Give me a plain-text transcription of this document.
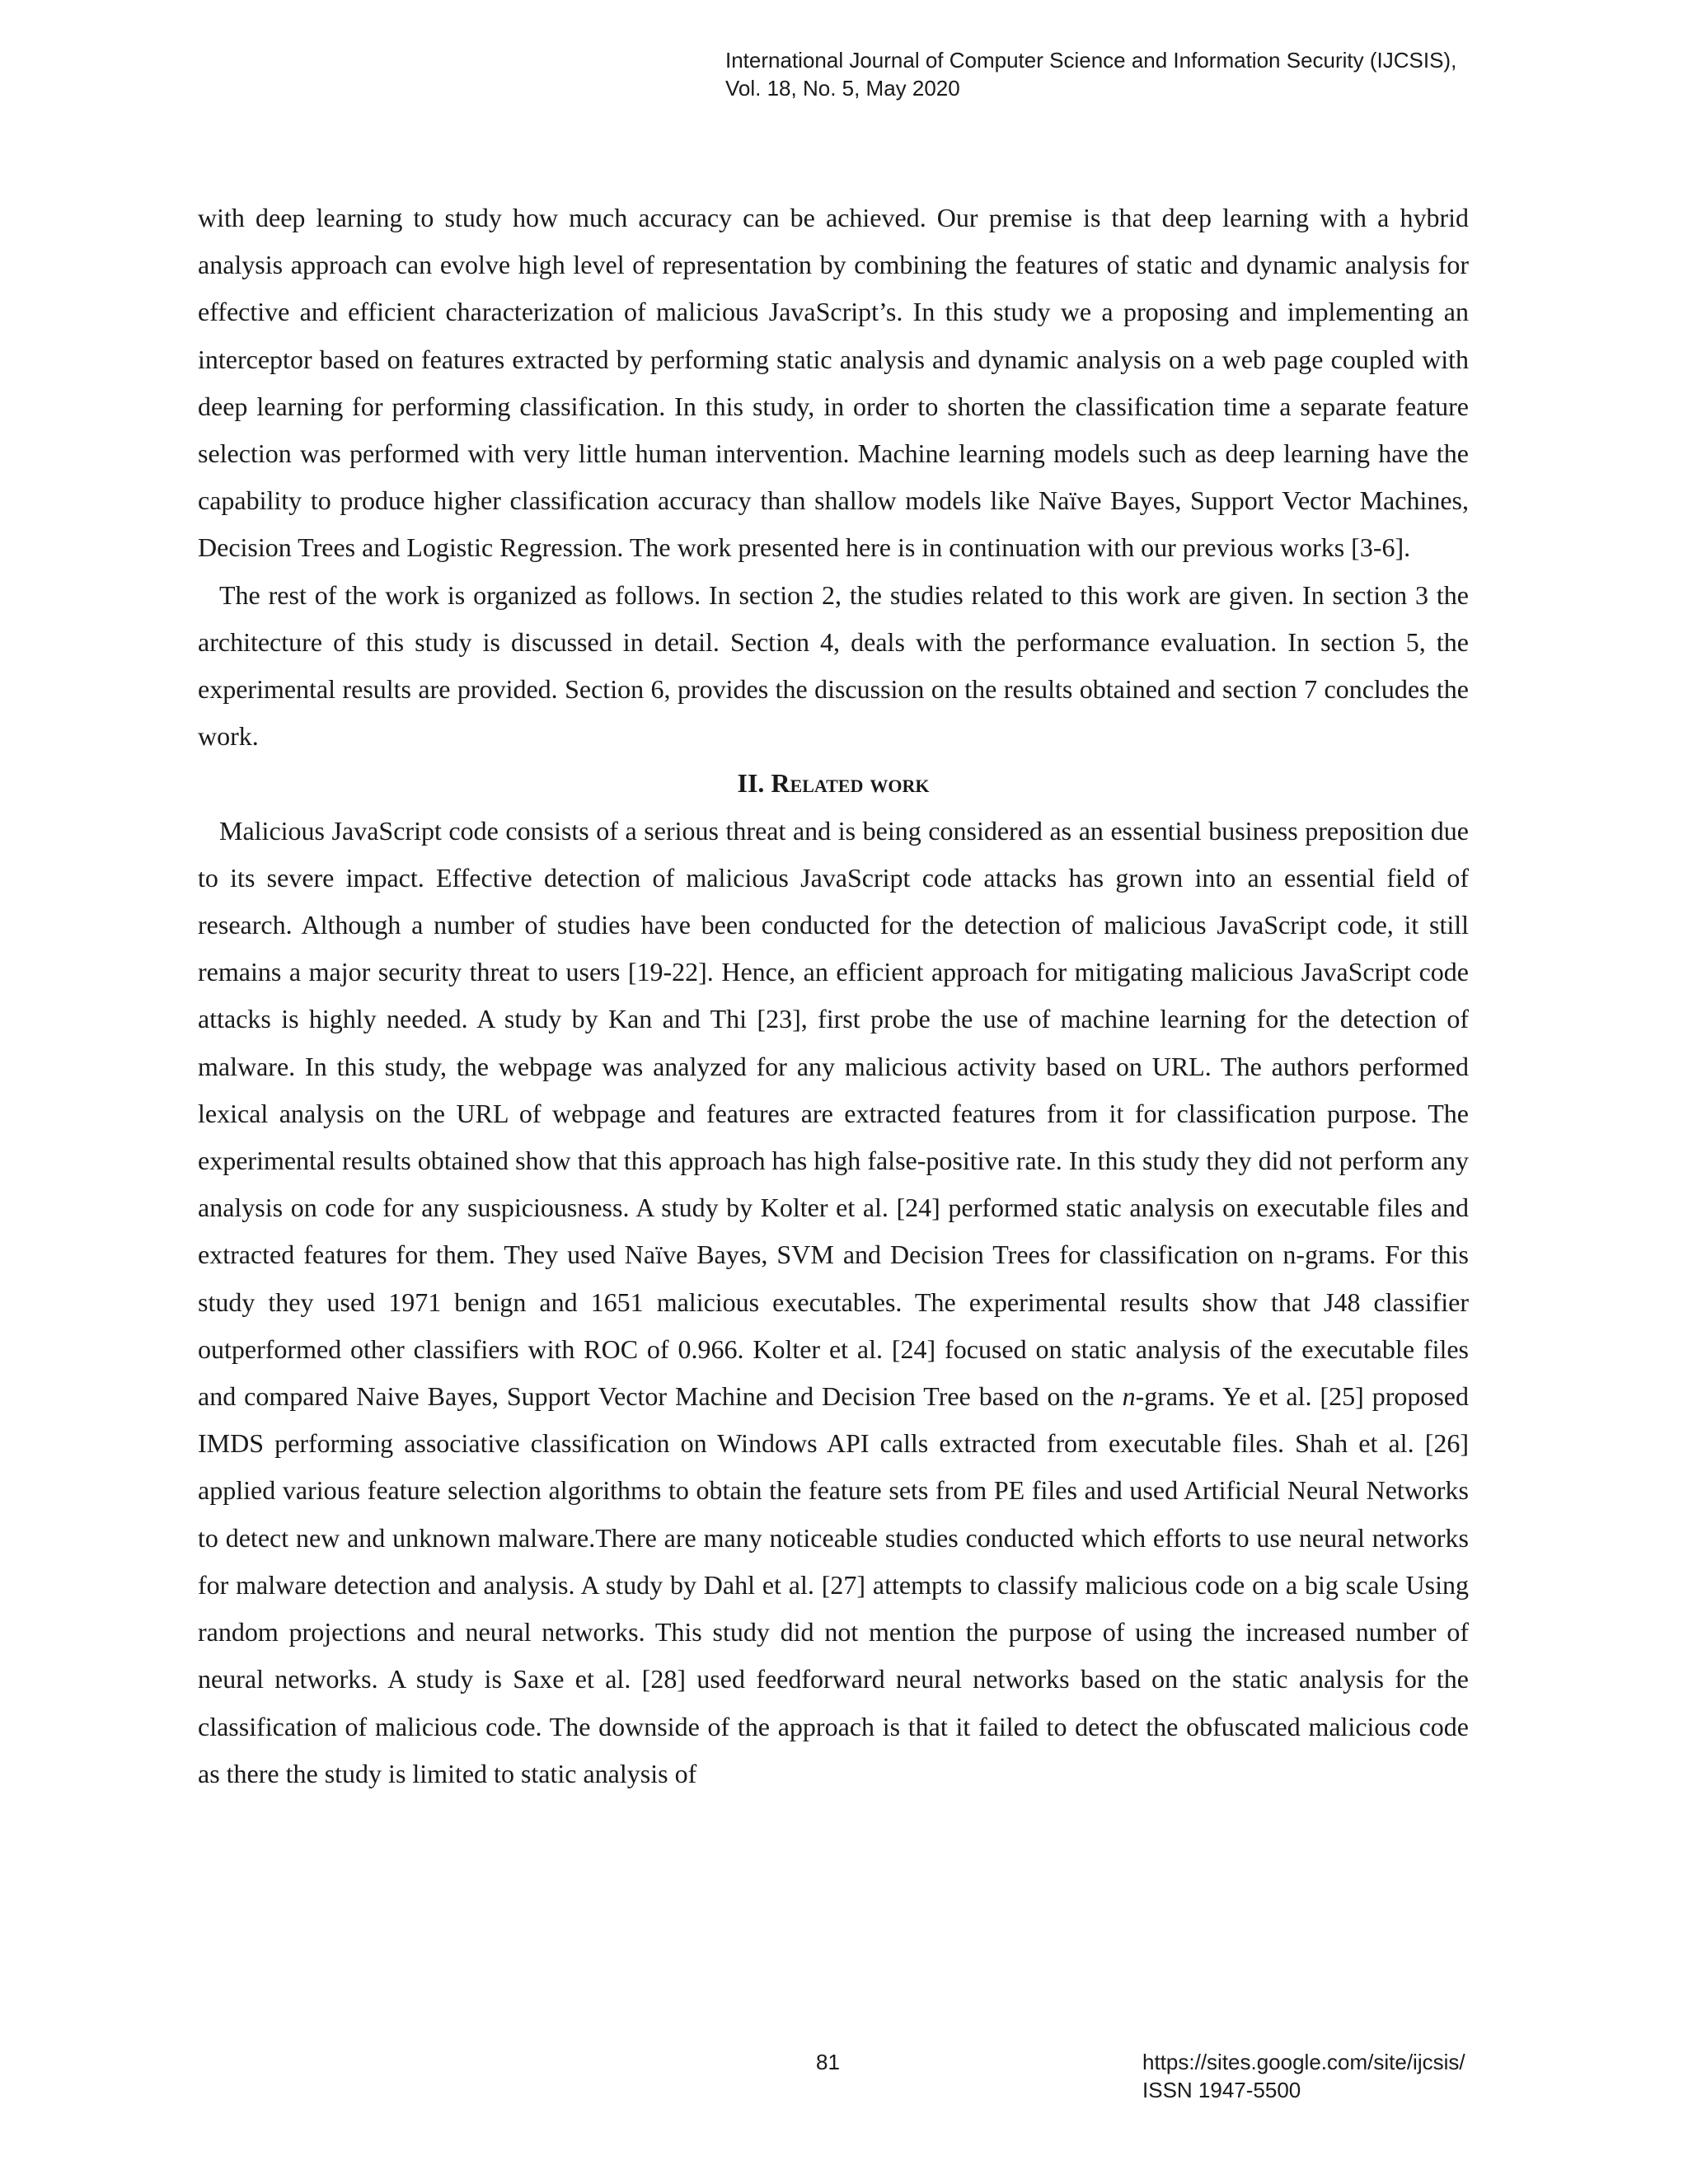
International Journal of Computer Science and Information Security (IJCSIS),
Vol. 18, No. 5, May 2020

with deep learning to study how much accuracy can be achieved. Our premise is that deep learning with a hybrid analysis approach can evolve high level of representation by combining the features of static and dynamic analysis for effective and efficient characterization of malicious JavaScript’s. In this study we a proposing and implementing an interceptor based on features extracted by performing static analysis and dynamic analysis on a web page coupled with deep learning for performing classification. In this study, in order to shorten the classification time a separate feature selection was performed with very little human intervention. Machine learning models such as deep learning have the capability to produce higher classification accuracy than shallow models like Naïve Bayes, Support Vector Machines, Decision Trees and Logistic Regression. The work presented here is in continuation with our previous works [3-6].

The rest of the work is organized as follows. In section 2, the studies related to this work are given. In section 3 the architecture of this study is discussed in detail. Section 4, deals with the performance evaluation. In section 5, the experimental results are provided. Section 6, provides the discussion on the results obtained and section 7 concludes the work.

II. Related work

Malicious JavaScript code consists of a serious threat and is being considered as an essential business preposition due to its severe impact. Effective detection of malicious JavaScript code attacks has grown into an essential field of research. Although a number of studies have been conducted for the detection of malicious JavaScript code, it still remains a major security threat to users [19-22]. Hence, an efficient approach for mitigating malicious JavaScript code attacks is highly needed. A study by Kan and Thi [23], first probe the use of machine learning for the detection of malware. In this study, the webpage was analyzed for any malicious activity based on URL. The authors performed lexical analysis on the URL of webpage and features are extracted features from it for classification purpose. The experimental results obtained show that this approach has high false-positive rate. In this study they did not perform any analysis on code for any suspiciousness. A study by Kolter et al. [24] performed static analysis on executable files and extracted features for them. They used Naïve Bayes, SVM and Decision Trees for classification on n-grams. For this study they used 1971 benign and 1651 malicious executables. The experimental results show that J48 classifier outperformed other classifiers with ROC of 0.966. Kolter et al. [24] focused on static analysis of the executable files and compared Naive Bayes, Support Vector Machine and Decision Tree based on the n-grams. Ye et al. [25] proposed IMDS performing associative classification on Windows API calls extracted from executable files. Shah et al. [26] applied various feature selection algorithms to obtain the feature sets from PE files and used Artificial Neural Networks to detect new and unknown malware.There are many noticeable studies conducted which efforts to use neural networks for malware detection and analysis. A study by Dahl et al. [27] attempts to classify malicious code on a big scale Using random projections and neural networks. This study did not mention the purpose of using the increased number of neural networks. A study is Saxe et al. [28] used feedforward neural networks based on the static analysis for the classification of malicious code. The downside of the approach is that it failed to detect the obfuscated malicious code as there the study is limited to static analysis of

81	https://sites.google.com/site/ijcsis/
ISSN 1947-5500
